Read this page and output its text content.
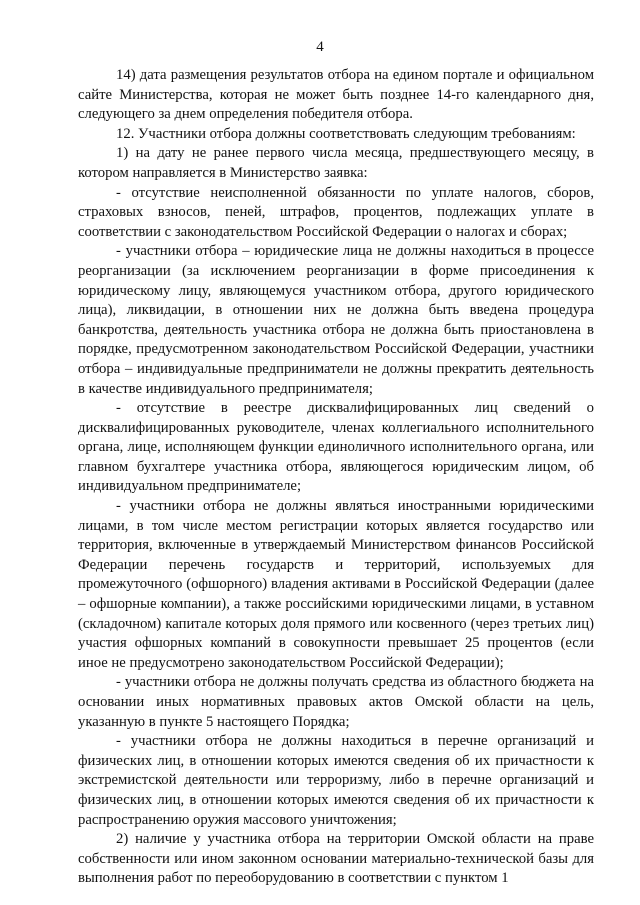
4

14) дата размещения результатов отбора на едином портале и официальном сайте Министерства, которая не может быть позднее 14-го календарного дня, следующего за днем определения победителя отбора.

12. Участники отбора должны соответствовать следующим требованиям:

1) на дату не ранее первого числа месяца, предшествующего месяцу, в котором направляется в Министерство заявка:

- отсутствие неисполненной обязанности по уплате налогов, сборов, страховых взносов, пеней, штрафов, процентов, подлежащих уплате в соответствии с законодательством Российской Федерации о налогах и сборах;

- участники отбора – юридические лица не должны находиться в процессе реорганизации (за исключением реорганизации в форме присоединения к юридическому лицу, являющемуся участником отбора, другого юридического лица), ликвидации, в отношении них не должна быть введена процедура банкротства, деятельность участника отбора не должна быть приостановлена в порядке, предусмотренном законодательством Российской Федерации, участники отбора – индивидуальные предприниматели не должны прекратить деятельность в качестве индивидуального предпринимателя;

- отсутствие в реестре дисквалифицированных лиц сведений о дисквалифицированных руководителе, членах коллегиального исполнительного органа, лице, исполняющем функции единоличного исполнительного органа, или главном бухгалтере участника отбора, являющегося юридическим лицом, об индивидуальном предпринимателе;

- участники отбора не должны являться иностранными юридическими лицами, в том числе местом регистрации которых является государство или территория, включенные в утверждаемый Министерством финансов Российской Федерации перечень государств и территорий, используемых для промежуточного (офшорного) владения активами в Российской Федерации (далее – офшорные компании), а также российскими юридическими лицами, в уставном (складочном) капитале которых доля прямого или косвенного (через третьих лиц) участия офшорных компаний в совокупности превышает 25 процентов (если иное не предусмотрено законодательством Российской Федерации);

- участники отбора не должны получать средства из областного бюджета на основании иных нормативных правовых актов Омской области на цель, указанную в пункте 5 настоящего Порядка;

- участники отбора не должны находиться в перечне организаций и физических лиц, в отношении которых имеются сведения об их причастности к экстремистской деятельности или терроризму, либо в перечне организаций и физических лиц, в отношении которых имеются сведения об их причастности к распространению оружия массового уничтожения;

2) наличие у участника отбора на территории Омской области на праве собственности или ином законном основании материально-технической базы для выполнения работ по переоборудованию в соответствии с пунктом 1
